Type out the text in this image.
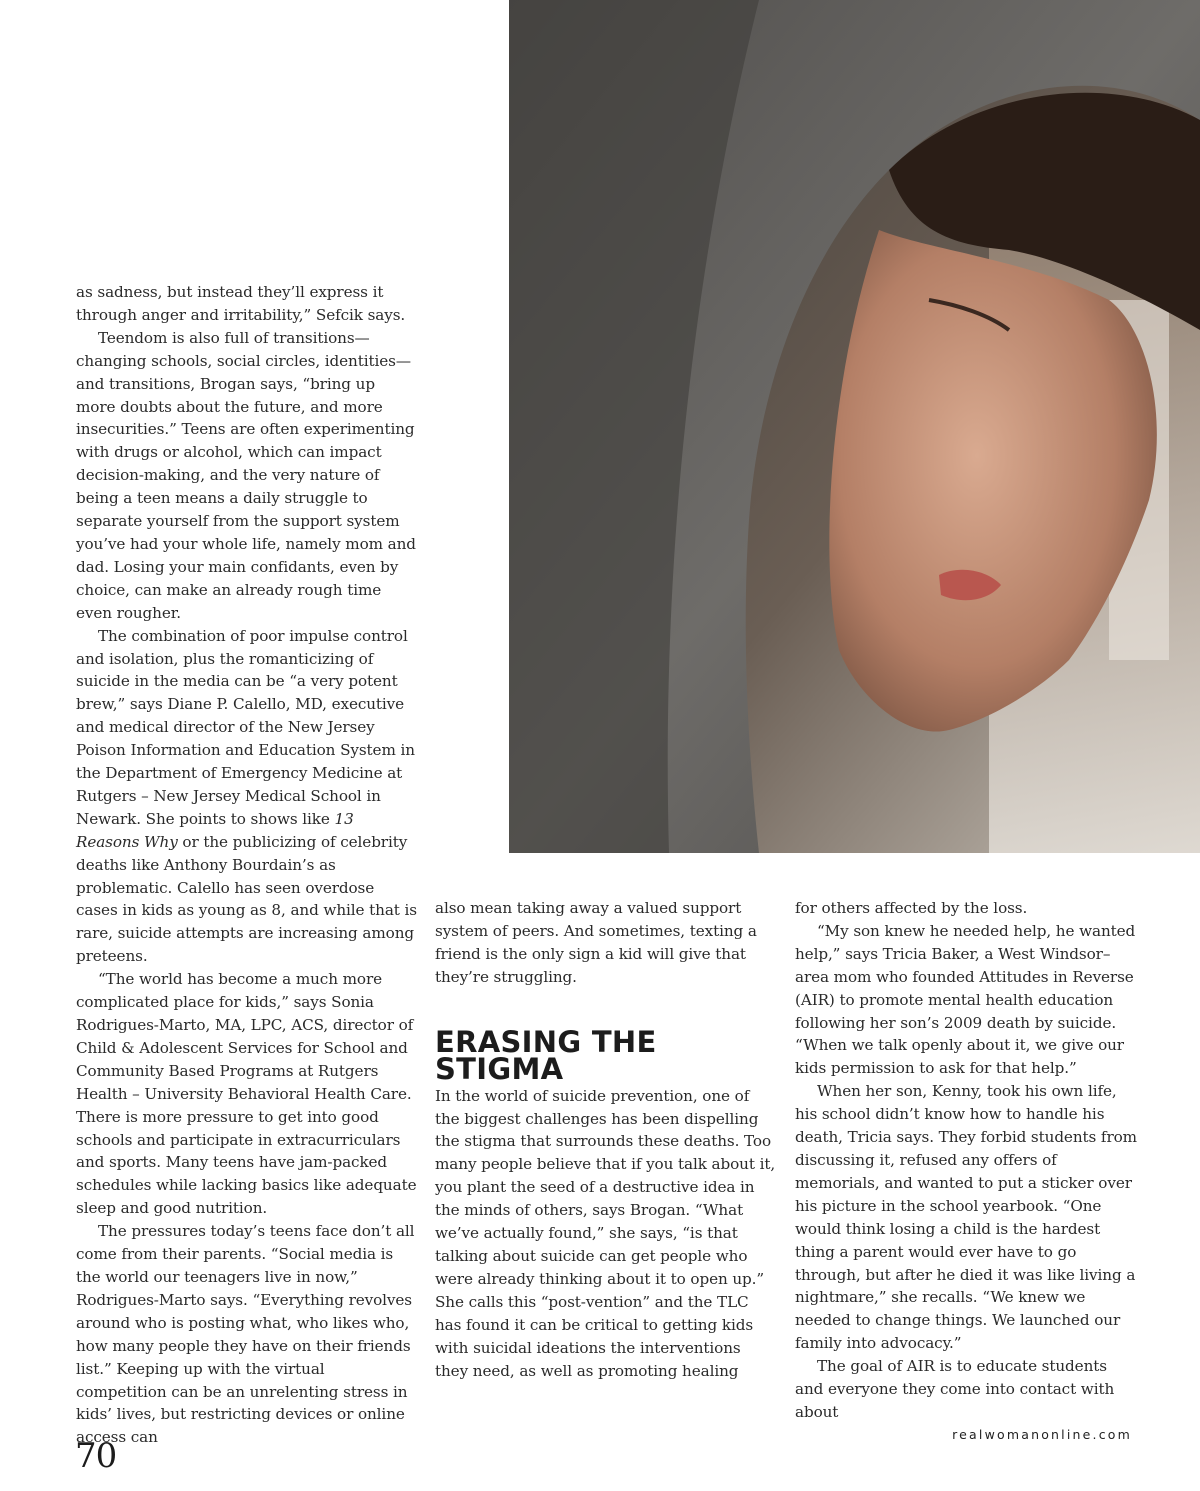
as sadness, but instead they’ll express it through anger and irritability,” Sefcik says.

Teendom is also full of transitions—changing schools, social circles, identities—and transitions, Brogan says, “bring up more doubts about the future, and more insecurities.” Teens are often experimenting with drugs or alcohol, which can impact decision-making, and the very nature of being a teen means a daily struggle to separate yourself from the support system you’ve had your whole life, namely mom and dad. Losing your main confidants, even by choice, can make an already rough time even rougher.

The combination of poor impulse control and isolation, plus the romanticizing of suicide in the media can be “a very potent brew,” says Diane P. Calello, MD, executive and medical director of the New Jersey Poison Information and Education System in the Department of Emergency Medicine at Rutgers – New Jersey Medical School in Newark. She points to shows like 13 Reasons Why or the publicizing of celebrity deaths like Anthony Bourdain’s as problematic. Calello has seen overdose cases in kids as young as 8, and while that is rare, suicide attempts are increasing among preteens.

“The world has become a much more complicated place for kids,” says Sonia Rodrigues-Marto, MA, LPC, ACS, director of Child & Adolescent Services for School and Community Based Programs at Rutgers Health – University Behavioral Health Care. There is more pressure to get into good schools and participate in extracurriculars and sports. Many teens have jam-packed schedules while lacking basics like adequate sleep and good nutrition.

The pressures today’s teens face don’t all come from their parents. “Social media is the world our teenagers live in now,” Rodrigues-Marto says. “Everything revolves around who is posting what, who likes who, how many people they have on their friends list.” Keeping up with the virtual competition can be an unrelenting stress in kids’ lives, but restricting devices or online access can

also mean taking away a valued support system of peers. And sometimes, texting a friend is the only sign a kid will give that they’re struggling.

ERASING THE STIGMA

In the world of suicide prevention, one of the biggest challenges has been dispelling the stigma that surrounds these deaths. Too many people believe that if you talk about it, you plant the seed of a destructive idea in the minds of others, says Brogan. “What we’ve actually found,” she says, “is that talking about suicide can get people who were already thinking about it to open up.” She calls this “post-vention” and the TLC has found it can be critical to getting kids with suicidal ideations the interventions they need, as well as promoting healing

for others affected by the loss.

“My son knew he needed help, he wanted help,” says Tricia Baker, a West Windsor–area mom who founded Attitudes in Reverse (AIR) to promote mental health education following her son’s 2009 death by suicide. “When we talk openly about it, we give our kids permission to ask for that help.”

When her son, Kenny, took his own life, his school didn’t know how to handle his death, Tricia says. They forbid students from discussing it, refused any offers of memorials, and wanted to put a sticker over his picture in the school yearbook. “One would think losing a child is the hardest thing a parent would ever have to go through, but after he died it was like living a nightmare,” she recalls. “We knew we needed to change things. We launched our family into advocacy.”

The goal of AIR is to educate students and everyone they come into contact with about

70
realwomanonline.com
